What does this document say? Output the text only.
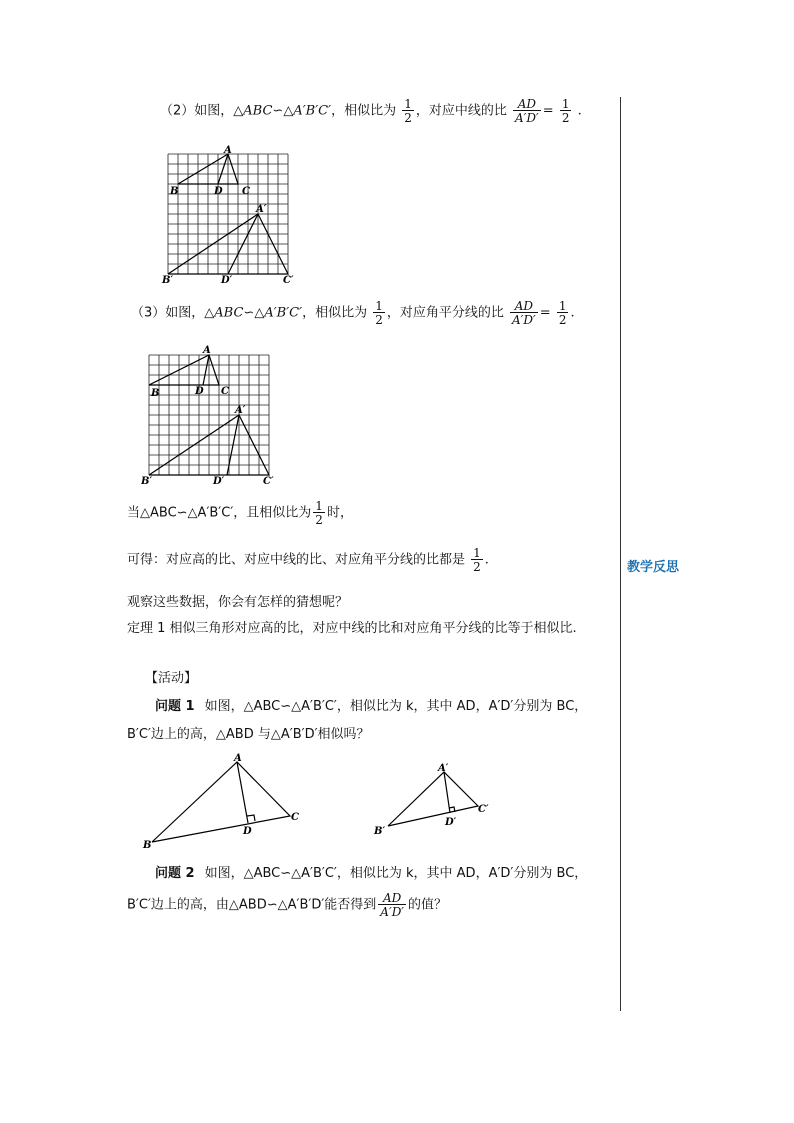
（2）如图，△ABC∽△A′B′C′，相似比为 $\frac{1}{2}$ ，对应中线的比 $\frac{AD}{A'D'} = \frac{1}{2}$ .
A
B	D C
A′
B′	D′	C′
（3）如图，△ABC∽△A′B′C′，相似比为 $\frac{1}{2}$ ，对应角平分线的比 $\frac{AD}{A'D'} = \frac{1}{2}$ .
A
B	D C
A′
B′	D′	C′
当△ABC∽△A′B′C′，且相似比为 $\frac{1}{2}$ 时，
可得：对应高的比、对应中线的比、对应角平分线的比都是 $\frac{1}{2}$ .
观察这些数据，你会有怎样的猜想呢？
定理 1 相似三角形对应高的比，对应中线的比和对应角平分线的比等于相似比.
【活动】
问题 1 如图，△ABC∽△A′B′C′，相似比为 k，其中 AD，A′D′分别为 BC，
B′C′边上的高，△ABD 与△A′B′D′相似吗？
A
B
D
C
A′
B′
D′
C′
问题 2 如图，△ABC∽△A′B′C′，相似比为 k，其中 AD，A′D′分别为 BC，
B′C′边上的高，由△ABD∽△A′B′D′能否得到 $\frac{AD}{A'D'}$ 的值？
教学反思
